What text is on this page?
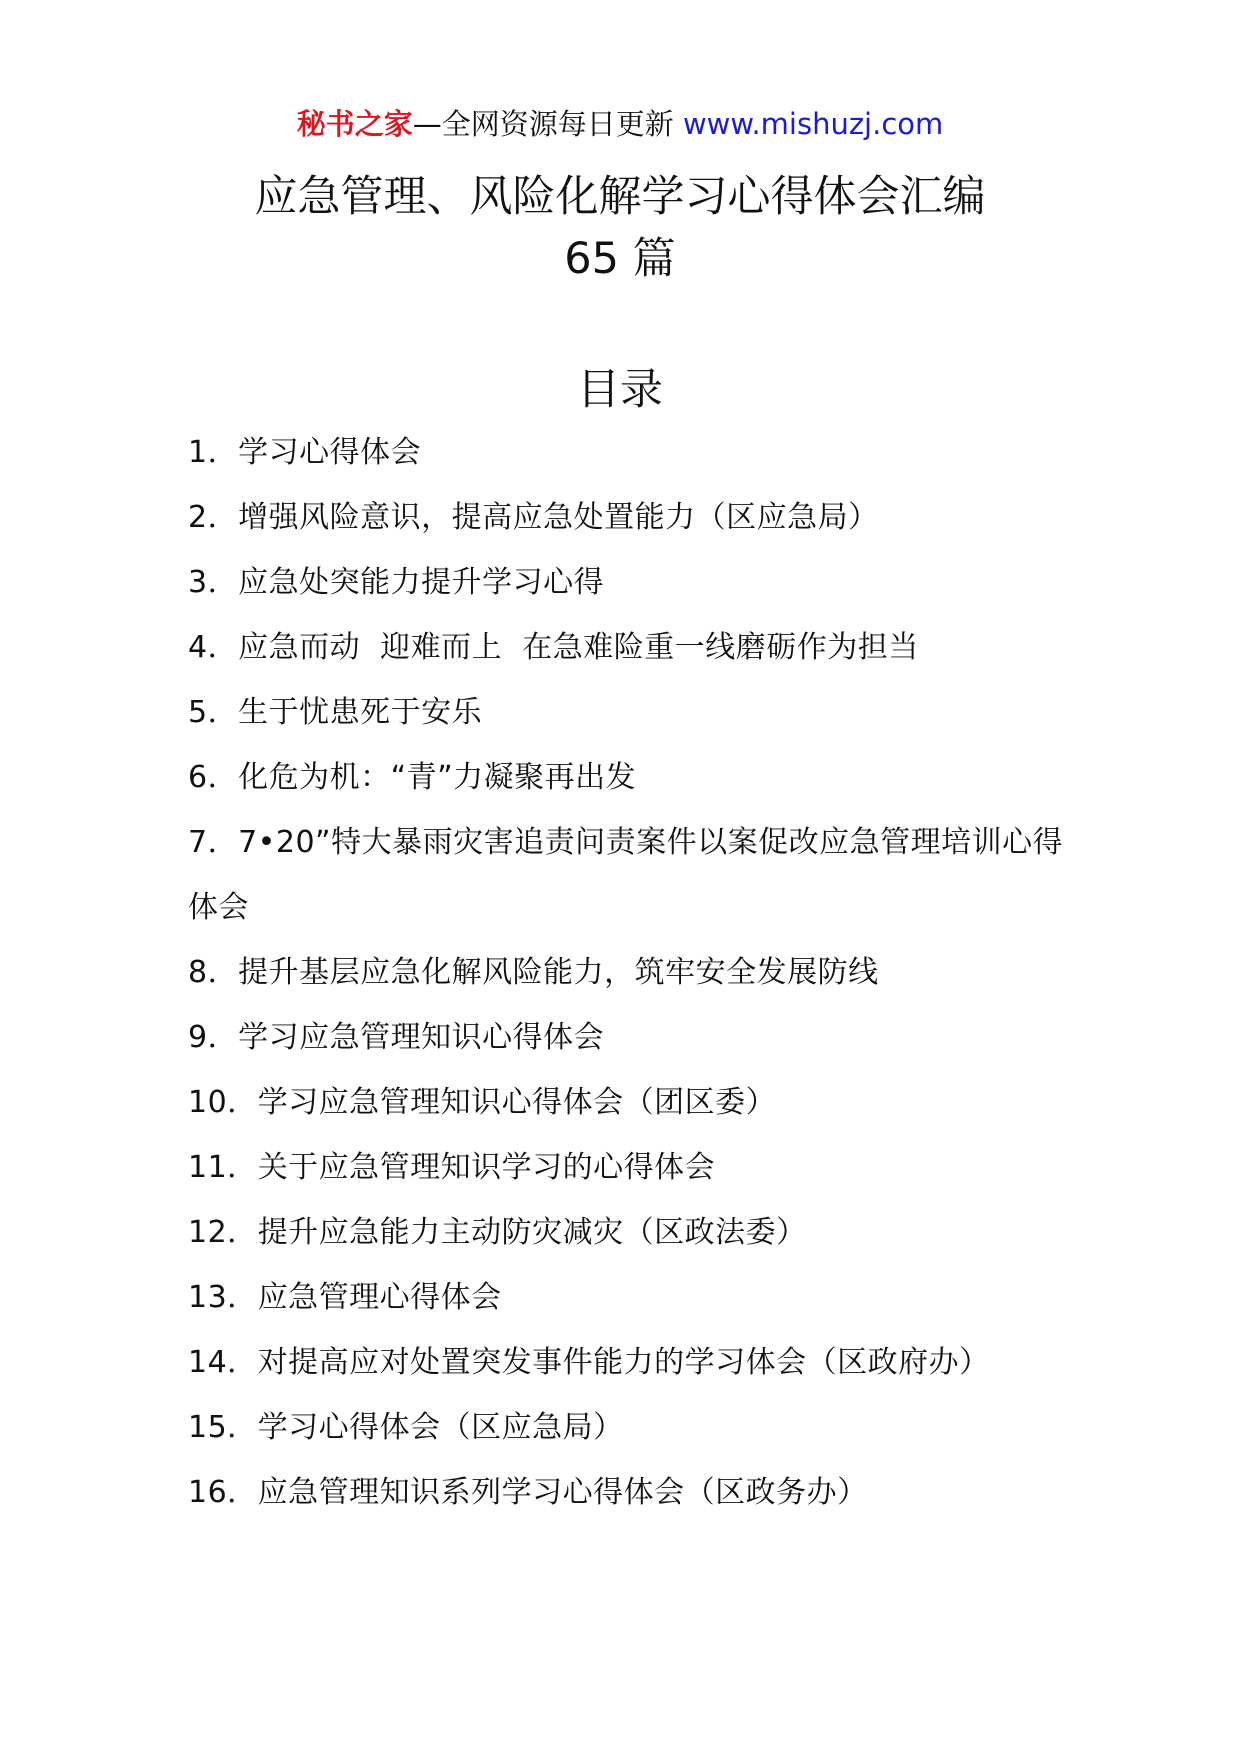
秘书之家—全网资源每日更新 www.mishuzj.com
应急管理、风险化解学习心得体会汇编
65 篇
目录
1．学习心得体会
2．增强风险意识，提高应急处置能力（区应急局）
3．应急处突能力提升学习心得
4．应急而动  迎难而上  在急难险重一线磨砺作为担当
5．生于忧患死于安乐
6．化危为机：“青”力凝聚再出发
7．7•20”特大暴雨灾害追责问责案件以案促改应急管理培训心得体会
8．提升基层应急化解风险能力，筑牢安全发展防线
9．学习应急管理知识心得体会
10．学习应急管理知识心得体会（团区委）
11．关于应急管理知识学习的心得体会
12．提升应急能力主动防灾减灾（区政法委）
13．应急管理心得体会
14．对提高应对处置突发事件能力的学习体会（区政府办）
15．学习心得体会（区应急局）
16．应急管理知识系列学习心得体会（区政务办）
